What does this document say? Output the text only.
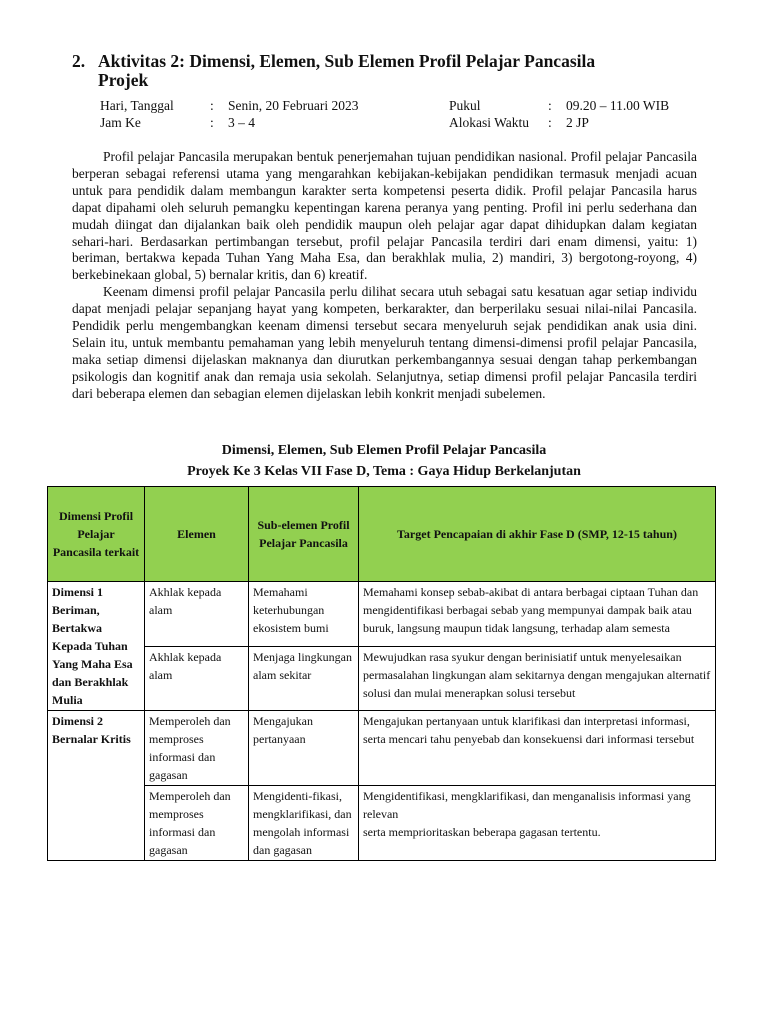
2. Aktivitas 2: Dimensi, Elemen, Sub Elemen Profil Pelajar Pancasila
Projek
Hari, Tanggal	: Senin, 20 Februari 2023	Pukul	: 09.20 – 11.00 WIB
Jam Ke	: 3 – 4	Alokasi Waktu : 2 JP

Profil pelajar Pancasila merupakan bentuk penerjemahan tujuan pendidikan nasional. Profil pelajar Pancasila berperan sebagai referensi utama yang mengarahkan kebijakan-kebijakan pendidikan termasuk menjadi acuan untuk para pendidik dalam membangun karakter serta kompetensi peserta didik. Profil pelajar Pancasila harus dapat dipahami oleh seluruh pemangku kepentingan karena peranya yang penting. Profil ini perlu sederhana dan mudah diingat dan dijalankan baik oleh pendidik maupun oleh pelajar agar dapat dihidupkan dalam kegiatan sehari-hari. Berdasarkan pertimbangan tersebut, profil pelajar Pancasila terdiri dari enam dimensi, yaitu: 1) beriman, bertakwa kepada Tuhan Yang Maha Esa, dan berakhlak mulia, 2) mandiri, 3) bergotong-royong, 4) berkebinekaan global, 5) bernalar kritis, dan 6) kreatif.

Keenam dimensi profil pelajar Pancasila perlu dilihat secara utuh sebagai satu kesatuan agar setiap individu dapat menjadi pelajar sepanjang hayat yang kompeten, berkarakter, dan berperilaku sesuai nilai-nilai Pancasila. Pendidik perlu mengembangkan keenam dimensi tersebut secara menyeluruh sejak pendidikan anak usia dini. Selain itu, untuk membantu pemahaman yang lebih menyeluruh tentang dimensi-dimensi profil pelajar Pancasila, maka setiap dimensi dijelaskan maknanya dan diurutkan perkembangannya sesuai dengan tahap perkembangan psikologis dan kognitif anak dan remaja usia sekolah. Selanjutnya, setiap dimensi profil pelajar Pancasila terdiri dari beberapa elemen dan sebagian elemen dijelaskan lebih konkrit menjadi subelemen.

Dimensi, Elemen, Sub Elemen Profil Pelajar Pancasila
Proyek Ke 3 Kelas VII Fase D, Tema : Gaya Hidup Berkelanjutan
Dimensi Profil Pelajar Pancasila terkait	Elemen	Sub-elemen Profil Pelajar Pancasila	Target Pencapaian di akhir Fase D (SMP, 12-15 tahun)
Dimensi 1 Beriman, Bertakwa Kepada Tuhan Yang Maha Esa dan Berakhlak Mulia	Akhlak kepada alam	Memahami keterhubungan ekosistem bumi	Memahami konsep sebab-akibat di antara berbagai ciptaan Tuhan dan mengidentifikasi berbagai sebab yang mempunyai dampak baik atau buruk, langsung maupun tidak langsung, terhadap alam semesta

	Akhlak kepada alam	Menjaga lingkungan alam sekitar	Mewujudkan rasa syukur dengan berinisiatif untuk menyelesaikan permasalahan lingkungan alam sekitarnya dengan mengajukan alternatif solusi dan mulai menerapkan solusi tersebut

Dimensi 2 Bernalar Kritis	Memperoleh dan memproses informasi dan gagasan	Mengajukan pertanyaan	Mengajukan pertanyaan untuk klarifikasi dan interpretasi informasi,
serta mencari tahu penyebab dan konsekuensi dari informasi tersebut

	Memperoleh dan memproses informasi dan gagasan	Mengidenti-fikasi, mengklarifikasi, dan mengolah informasi dan gagasan	Mengidentifikasi, mengklarifikasi, dan menganalisis informasi yang relevan
serta memprioritaskan beberapa gagasan tertentu.
